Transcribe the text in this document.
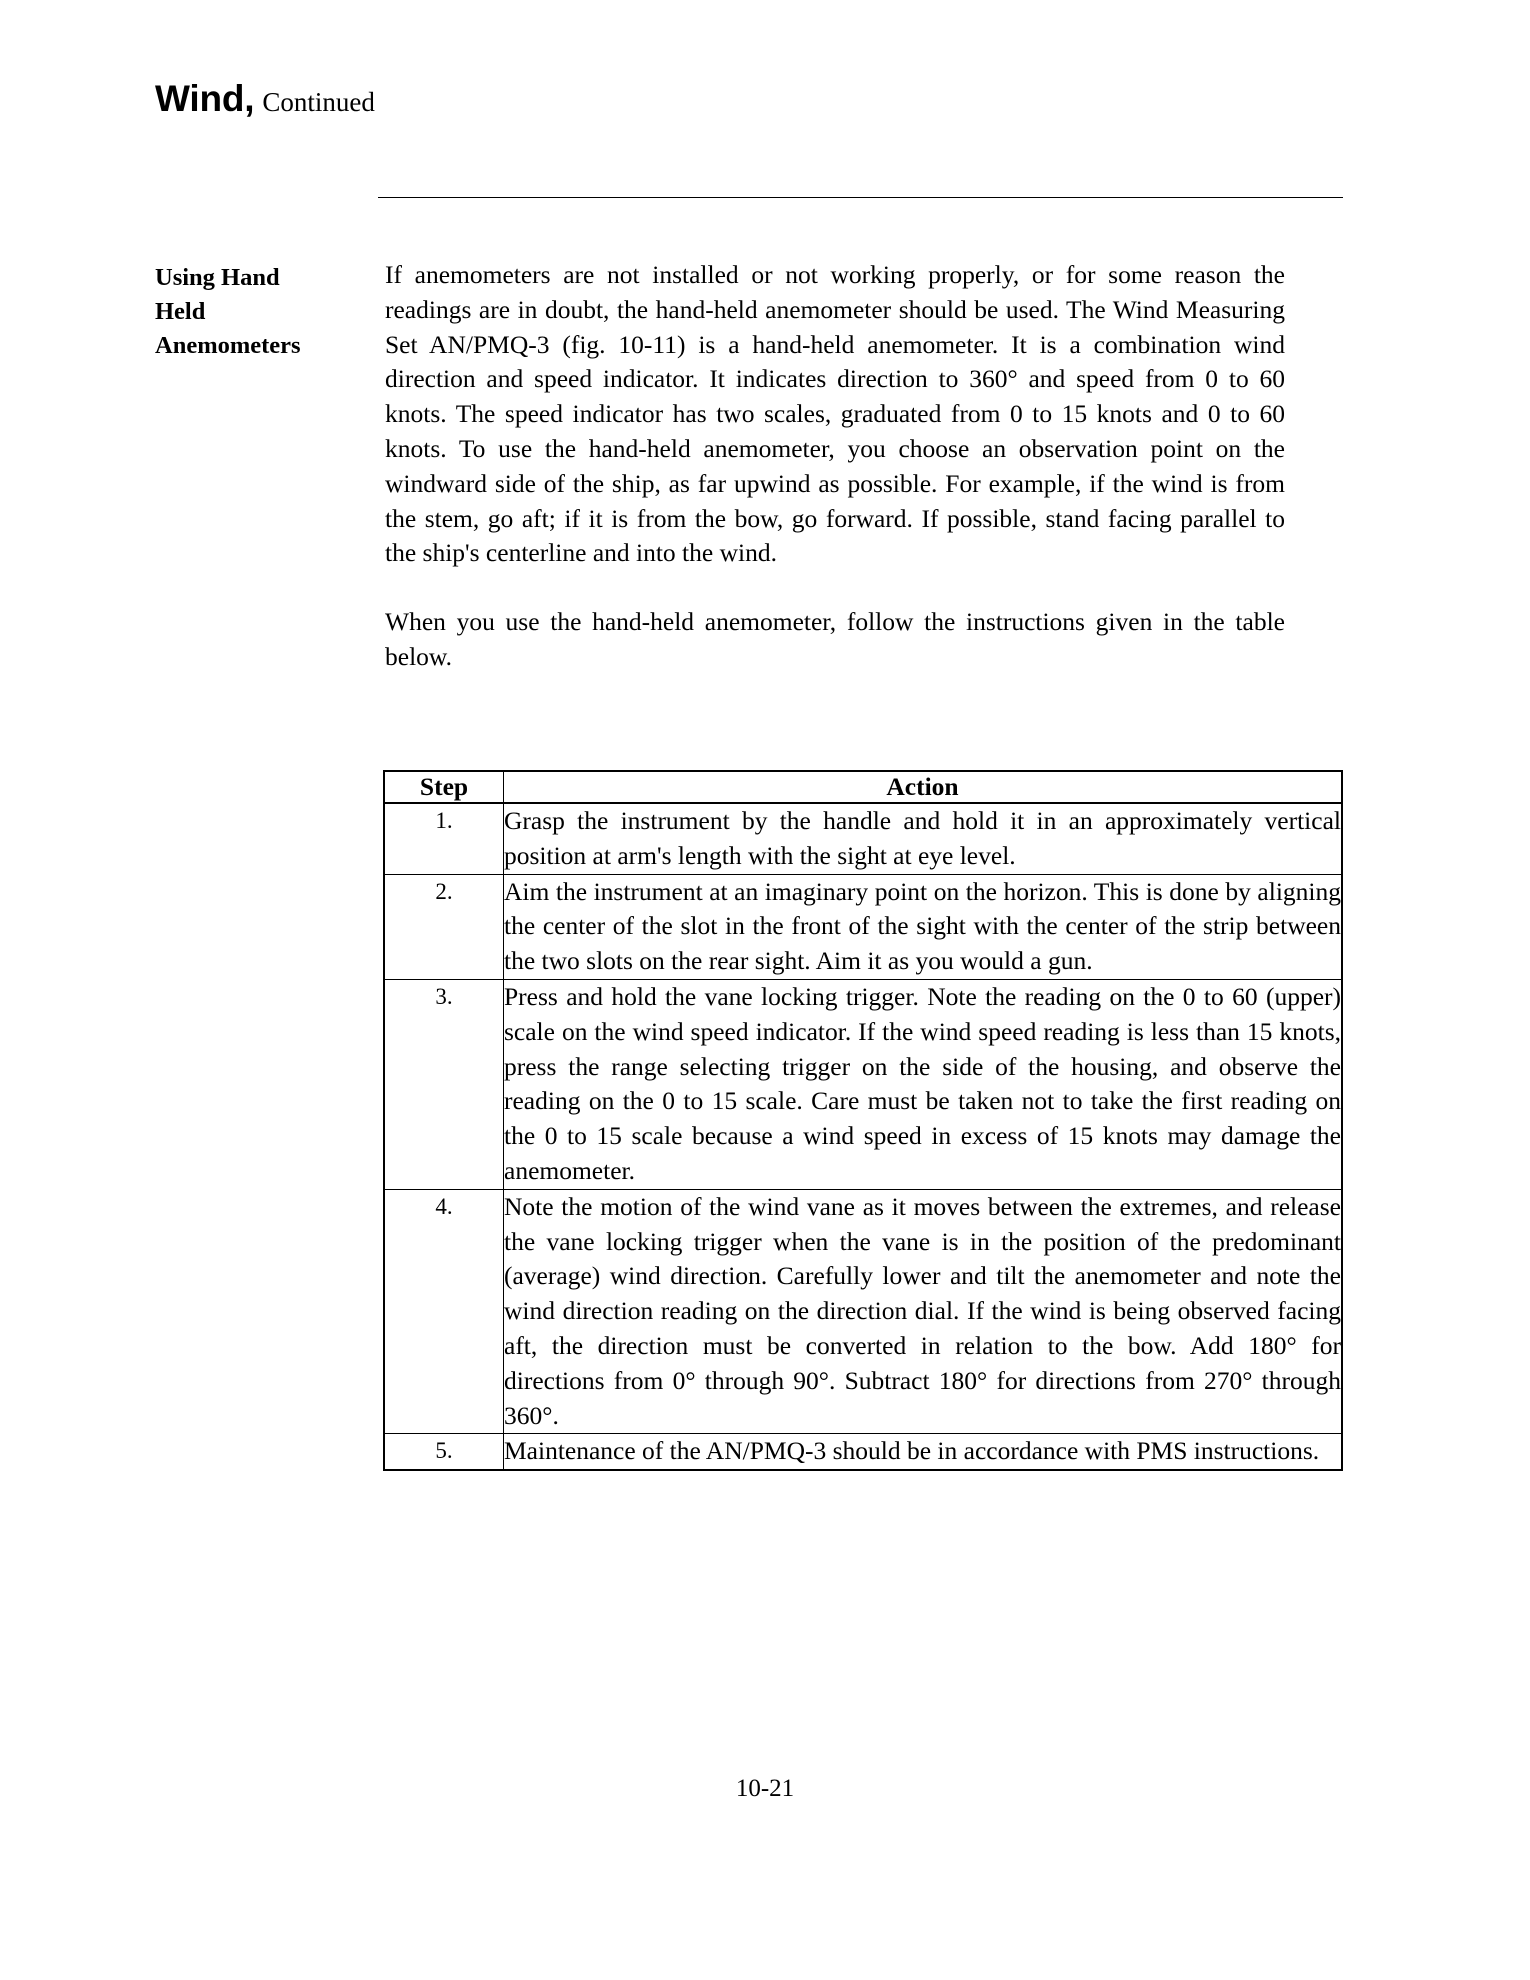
Wind, Continued
Using Hand
Held
Anemometers

If anemometers are not installed or not working properly, or for some reason the readings are in doubt, the hand-held anemometer should be used. The Wind Measuring Set AN/PMQ-3 (fig. 10-11) is a hand-held anemometer. It is a combination wind direction and speed indicator. It indicates direction to 360° and speed from 0 to 60 knots. The speed indicator has two scales, graduated from 0 to 15 knots and 0 to 60 knots. To use the hand-held anemometer, you choose an observation point on the windward side of the ship, as far upwind as possible. For example, if the wind is from the stem, go aft; if it is from the bow, go forward. If possible, stand facing parallel to the ship's centerline and into the wind.

When you use the hand-held anemometer, follow the instructions given in the table below.

Step	Action
1.	Grasp the instrument by the handle and hold it in an approximately vertical position at arm's length with the sight at eye level.
2.	Aim the instrument at an imaginary point on the horizon. This is done by aligning the center of the slot in the front of the sight with the center of the strip between the two slots on the rear sight. Aim it as you would a gun.
3.	Press and hold the vane locking trigger. Note the reading on the 0 to 60 (upper) scale on the wind speed indicator. If the wind speed reading is less than 15 knots, press the range selecting trigger on the side of the housing, and observe the reading on the 0 to 15 scale. Care must be taken not to take the first reading on the 0 to 15 scale because a wind speed in excess of 15 knots may damage the anemometer.
4.	Note the motion of the wind vane as it moves between the extremes, and release the vane locking trigger when the vane is in the position of the predominant (average) wind direction. Carefully lower and tilt the anemometer and note the wind direction reading on the direction dial. If the wind is being observed facing aft, the direction must be converted in relation to the bow. Add 180° for directions from 0° through 90°. Subtract 180° for directions from 270° through 360°.
5.	Maintenance of the AN/PMQ-3 should be in accordance with PMS instructions.
10-21
